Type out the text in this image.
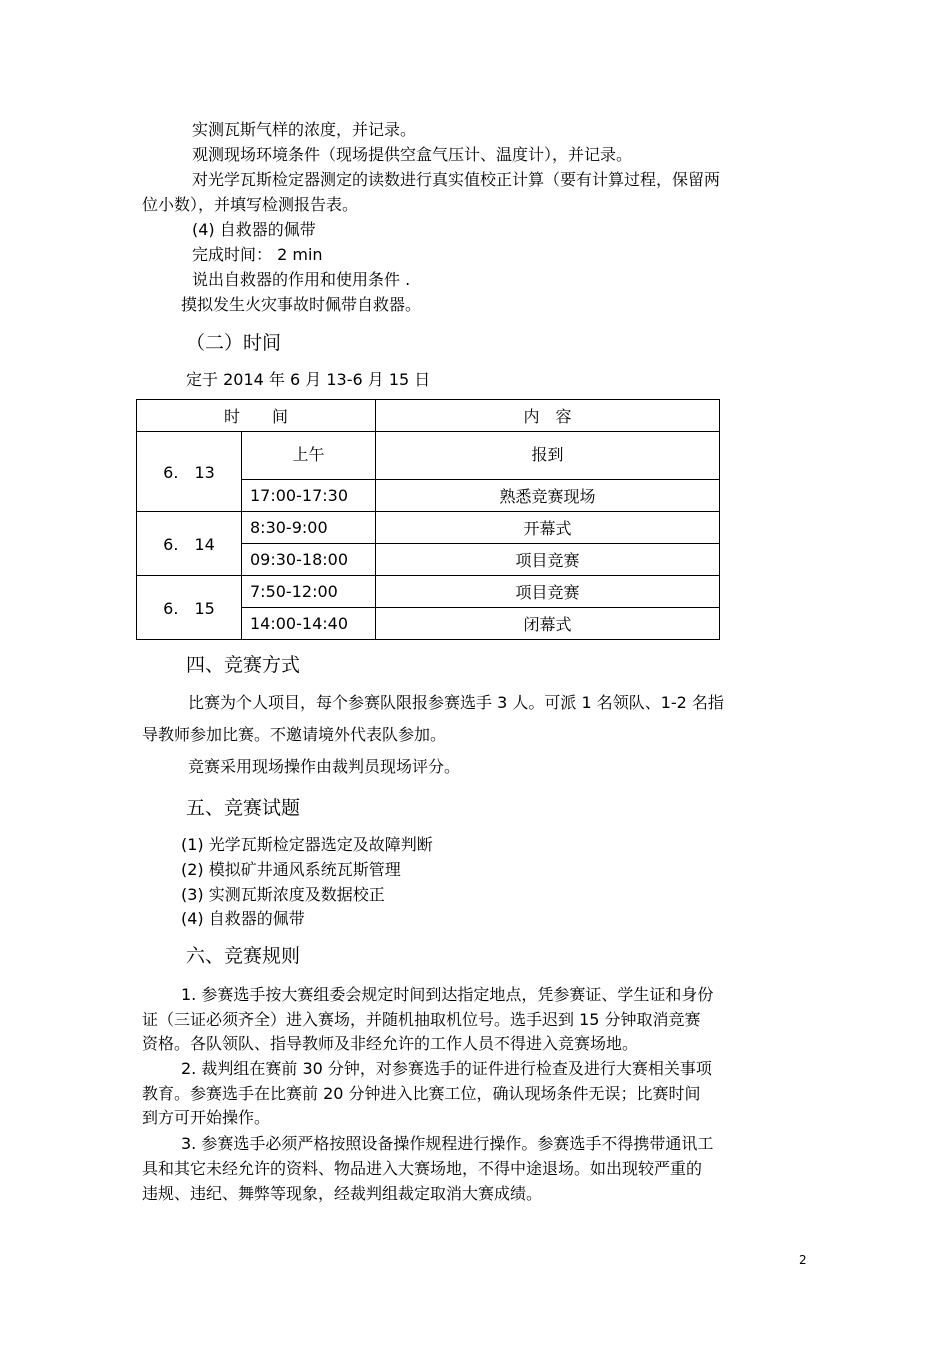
实测瓦斯气样的浓度，并记录。
观测现场环境条件（现场提供空盒气压计、温度计），并记录。
对光学瓦斯检定器测定的读数进行真实值校正计算（要有计算过程，保留两
位小数），并填写检测报告表。
(4) 自救器的佩带
完成时间： 2 min
说出自救器的作用和使用条件 .
摸拟发生火灾事故时佩带自救器。
（二）时间
定于 2014 年 6 月 13-6 月 15 日
时　　间		内　容
6.　13	上午	报到
	17:00-17:30	熟悉竞赛现场
6.　14	8:30-9:00	开幕式
	09:30-18:00	项目竞赛
6.　15	7:50-12:00	项目竞赛
	14:00-14:40	闭幕式
四、竞赛方式
比赛为个人项目，每个参赛队限报参赛选手 3 人。可派 1 名领队、1-2 名指
导教师参加比赛。不邀请境外代表队参加。
竞赛采用现场操作由裁判员现场评分。
五、竞赛试题
(1) 光学瓦斯检定器选定及故障判断
(2) 模拟矿井通风系统瓦斯管理
(3) 实测瓦斯浓度及数据校正
(4) 自救器的佩带
六、竞赛规则
1. 参赛选手按大赛组委会规定时间到达指定地点，凭参赛证、学生证和身份
证（三证必须齐全）进入赛场，并随机抽取机位号。选手迟到 15 分钟取消竞赛
资格。各队领队、指导教师及非经允许的工作人员不得进入竞赛场地。
2. 裁判组在赛前 30 分钟，对参赛选手的证件进行检查及进行大赛相关事项
教育。参赛选手在比赛前 20 分钟进入比赛工位，确认现场条件无误；比赛时间
到方可开始操作。
3. 参赛选手必须严格按照设备操作规程进行操作。参赛选手不得携带通讯工
具和其它未经允许的资料、物品进入大赛场地，不得中途退场。如出现较严重的
违规、违纪、舞弊等现象，经裁判组裁定取消大赛成绩。
2
